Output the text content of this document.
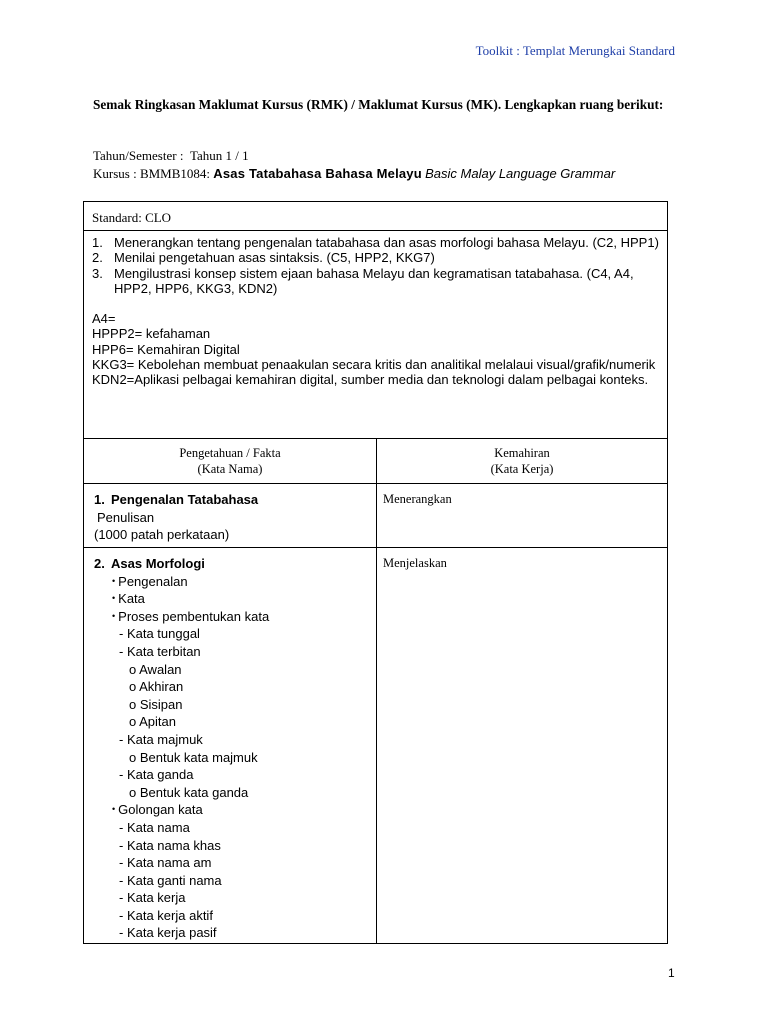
Toolkit : Templat Merungkai Standard
Semak Ringkasan Maklumat Kursus (RMK) / Maklumat Kursus (MK). Lengkapkan ruang berikut:
Tahun/Semester : Tahun 1 / 1
Kursus : BMMB1084: Asas Tatabahasa Bahasa Melayu Basic Malay Language Grammar
Standard: CLO
1. Menerangkan tentang pengenalan tatabahasa dan asas morfologi bahasa Melayu. (C2, HPP1)
2. Menilai pengetahuan asas sintaksis. (C5, HPP2, KKG7)
3. Mengilustrasi konsep sistem ejaan bahasa Melayu dan kegramatisan tatabahasa. (C4, A4, HPP2, HPP6, KKG3, KDN2)
A4=
HPPP2= kefahaman
HPP6= Kemahiran Digital
KKG3= Kebolehan membuat penaakulan secara kritis dan analitikal melalaui visual/grafik/numerik
KDN2=Aplikasi pelbagai kemahiran digital, sumber media dan teknologi dalam pelbagai konteks.
Pengetahuan / Fakta
(Kata Nama)
Kemahiran
(Kata Kerja)
1. Pengenalan Tatabahasa
Penulisan
(1000 patah perkataan)
Menerangkan
2. Asas Morfologi
• Pengenalan
• Kata
• Proses pembentukan kata
- Kata tunggal
- Kata terbitan
o Awalan
o Akhiran
o Sisipan
o Apitan
- Kata majmuk
o Bentuk kata majmuk
- Kata ganda
o Bentuk kata ganda
• Golongan kata
- Kata nama
- Kata nama khas
- Kata nama am
- Kata ganti nama
- Kata kerja
- Kata kerja aktif
- Kata kerja pasif
Menjelaskan
1
